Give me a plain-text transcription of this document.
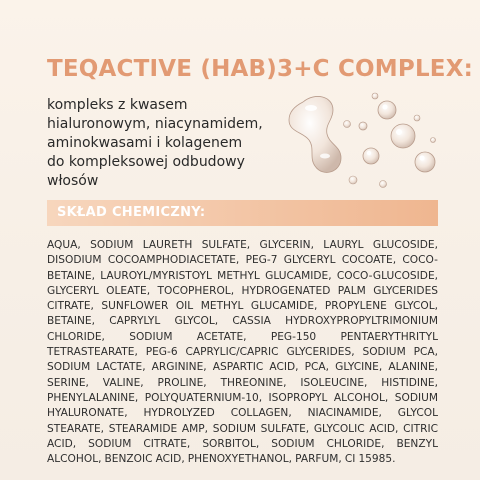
TEQACTIVE (HAB)3+C COMPLEX:

kompleks z kwasem
hialuronowym, niacynamidem,
aminokwasami i kolagenem
do kompleksowej odbudowy
włosów

SKŁAD CHEMICZNY:

AQUA, SODIUM LAURETH SULFATE, GLYCERIN, LAURYL GLUCOSIDE, DISODIUM COCOAMPHODIACETATE, PEG-7 GLYCERYL COCOATE, COCO-BETAINE, LAUROYL/MYRISTOYL METHYL GLUCAMIDE, COCO-GLUCOSIDE, GLYCERYL OLEATE, TOCOPHEROL, HYDROGENATED PALM GLYCERIDES CITRATE, SUNFLOWER OIL METHYL GLUCAMIDE, PROPYLENE GLYCOL, BETAINE, CAPRYLYL GLYCOL, CASSIA HYDROXYPROPYLTRIMONIUM CHLORIDE, SODIUM ACETATE, PEG-150 PENTAERYTHRITYL TETRASTEARATE, PEG-6 CAPRYLIC/CAPRIC GLYCERIDES, SODIUM PCA, SODIUM LACTATE, ARGININE, ASPARTIC ACID, PCA, GLYCINE, ALANINE, SERINE, VALINE, PROLINE, THREONINE, ISOLEUCINE, HISTIDINE, PHENYLALANINE, POLYQUATERNIUM-10, ISOPROPYL ALCOHOL, SODIUM HYALURONATE, HYDROLYZED COLLAGEN, NIACINAMIDE, GLYCOL STEARATE, STEARAMIDE AMP, SODIUM SULFATE, GLYCOLIC ACID, CITRIC ACID, SODIUM CITRATE, SORBITOL, SODIUM CHLORIDE, BENZYL ALCOHOL, BENZOIC ACID, PHENOXYETHANOL, PARFUM, CI 15985.
